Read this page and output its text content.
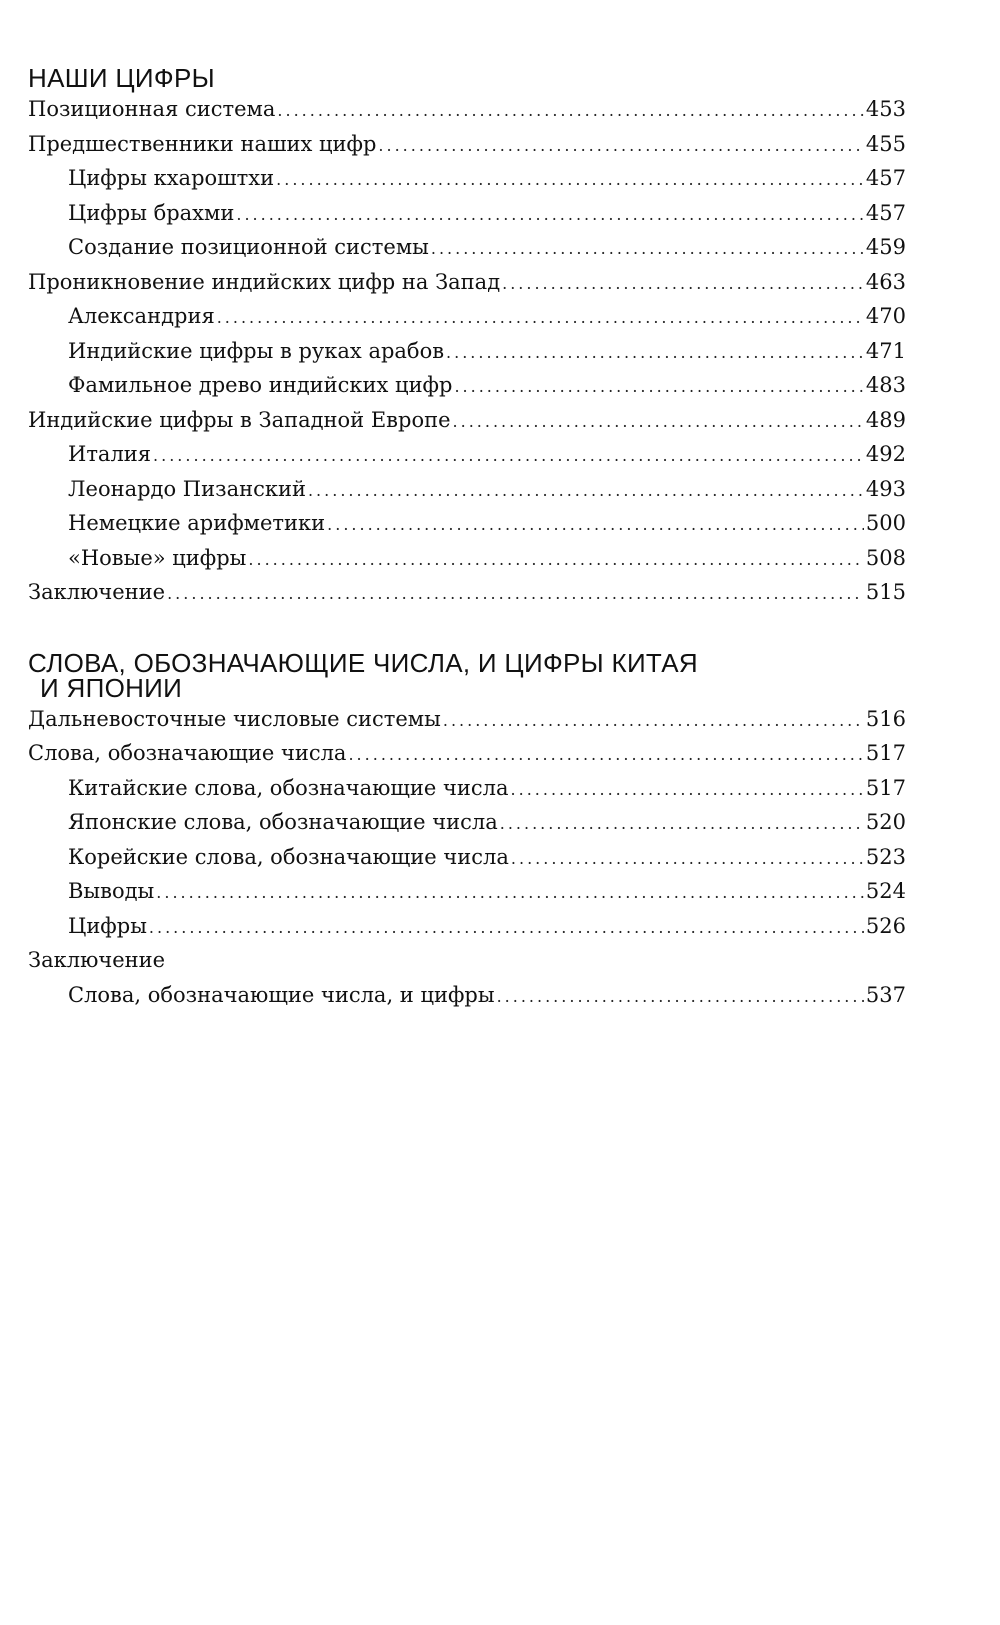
НАШИ ЦИФРЫ
Позиционная система .....	453
Предшественники наших цифр .....	455
Цифры кхароштхи .....	457
Цифры брахми .....	457
Создание позиционной системы .....	459
Проникновение индийских цифр на Запад .....	463
Александрия .....	470
Индийские цифры в руках арабов .....	471
Фамильное древо индийских цифр .....	483
Индийские цифры в Западной Европе .....	489
Италия .....	492
Леонардо Пизанский .....	493
Немецкие арифметики .....	500
«Новые» цифры .....	508
Заключение .....	515
СЛОВА, ОБОЗНАЧАЮЩИЕ ЧИСЛА, И ЦИФРЫ КИТАЯ
И ЯПОНИИ
Дальневосточные числовые системы .....	516
Слова, обозначающие числа .....	517
Китайские слова, обозначающие числа .....	517
Японские слова, обозначающие числа .....	520
Корейские слова, обозначающие числа .....	523
Выводы .....	524
Цифры .....	526
Заключение
Слова, обозначающие числа, и цифры .....	537
